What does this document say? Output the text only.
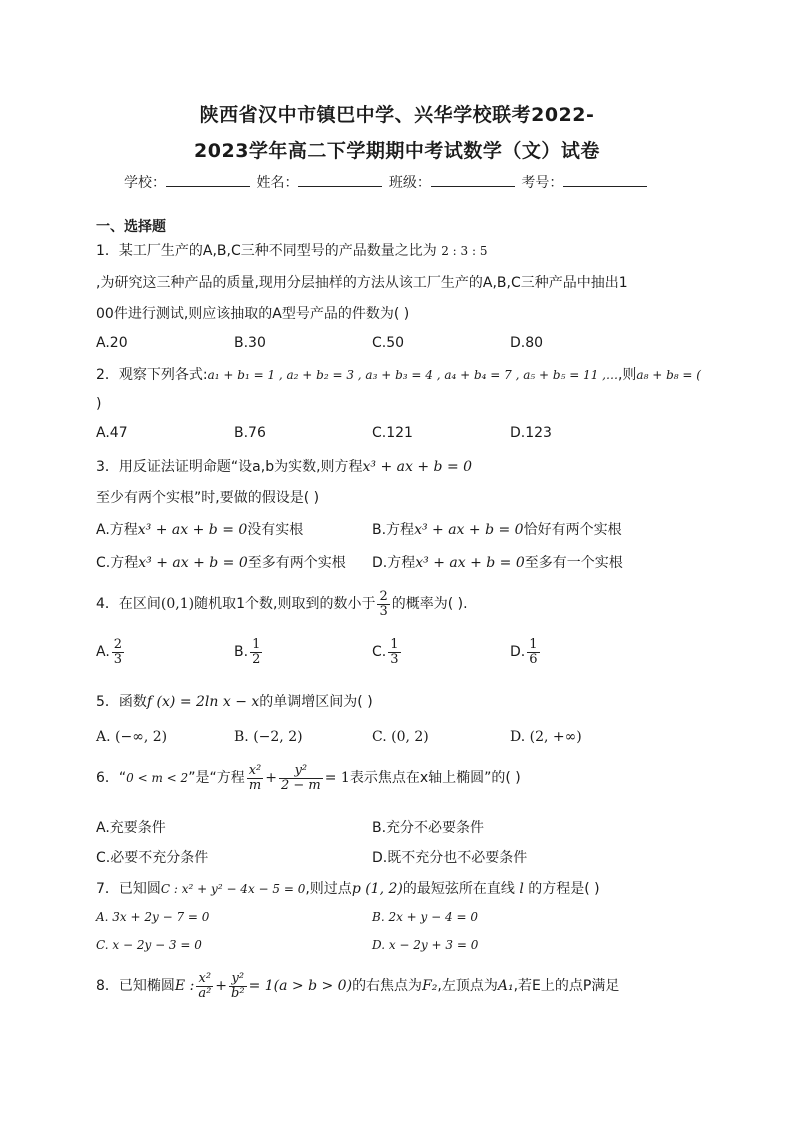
陕西省汉中市镇巴中学、兴华学校联考2022-
2023学年高二下学期期中考试数学（文）试卷
学校：	姓名：	班级：	考号：
一、选择题
1．某工厂生产的A,B,C三种不同型号的产品数量之比为 2 : 3 : 5
,为研究这三种产品的质量,现用分层抽样的方法从该工厂生产的A,B,C三种产品中抽出1
00件进行测试,则应该抽取的A型号产品的件数为( )
A.20	B.30	C.50	D.80
2．观察下列各式:a₁ + b₁ = 1 , a₂ + b₂ = 3 , a₃ + b₃ = 4 , a₄ + b₄ = 7 , a₅ + b₅ = 11 ,…,则a₈ + b₈ = (
)
A.47	B.76	C.121	D.123
3．用反证法证明命题“设a,b为实数,则方程x³ + ax + b = 0
至少有两个实根”时,要做的假设是( )
A.方程x³ + ax + b = 0没有实根	B.方程x³ + ax + b = 0恰好有两个实根
C.方程x³ + ax + b = 0至多有两个实根 D.方程x³ + ax + b = 0至多有一个实根
4．在区间(0,1)随机取1个数,则取到的数小于 $\frac{2}{3}$ 的概率为( ).
A. $\frac{2}{3}$	B. $\frac{1}{2}$	C. $\frac{1}{3}$	D. $\frac{1}{6}$
5．函数f (x) = 2ln x − x的单调增区间为( )
A. (−∞, 2)	B. (−2, 2)	C. (0, 2)	D. (2, +∞)
6．“0 < m < 2”是“方程 $\frac{\text{x²}}{m} + \frac{\text{y²}}{2 - m} = 1$表示焦点在x轴上椭圆”的( )
A.充要条件	B.充分不必要条件
C.必要不充分条件	D.既不充分也不必要条件
7．已知圆C : x² + y² − 4x − 5 = 0,则过点p (1, 2)的最短弦所在直线 l 的方程是( )
A. 3x + 2y − 7 = 0	B. 2x + y − 4 = 0
C. x − 2y − 3 = 0	D. x − 2y + 3 = 0
8．已知椭圆E : $\frac{\text{x²}}{\text{a²}} + \frac{\text{y²}}{\text{b²}} = 1(a > b > 0)$的右焦点为F₂,左顶点为A₁,若E上的点P满足
